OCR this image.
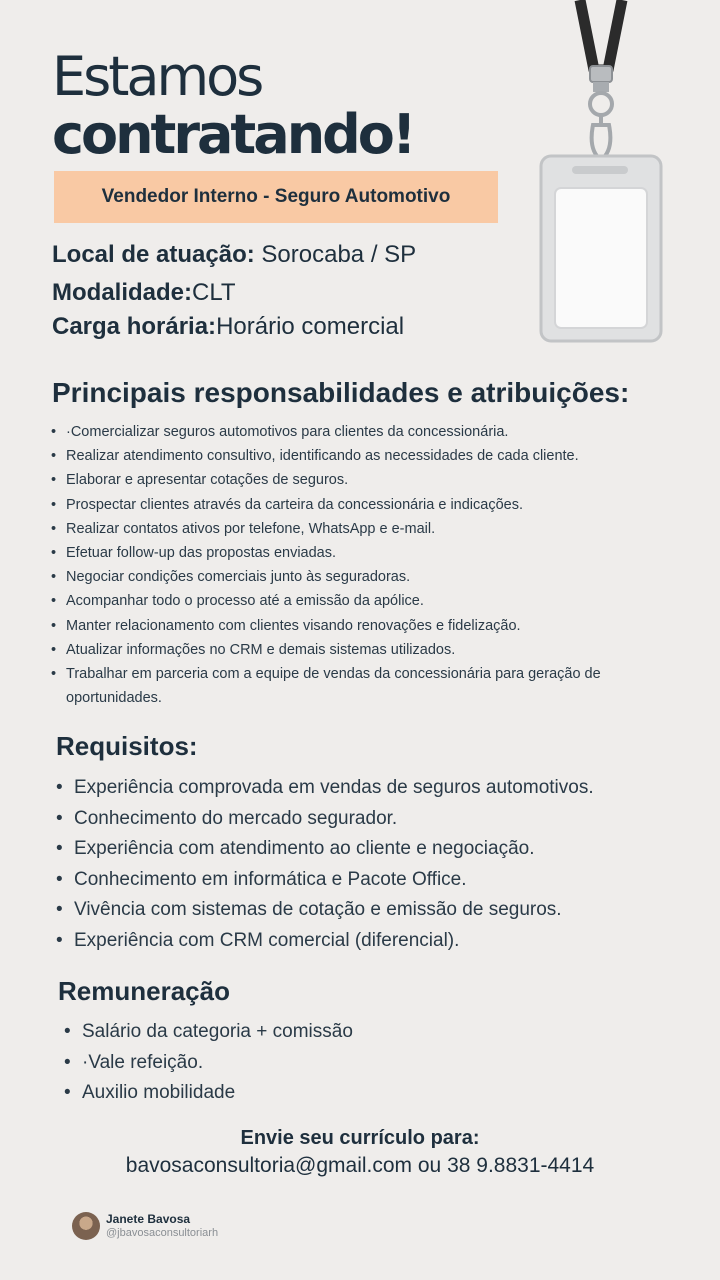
Estamos
contratando!
Vendedor Interno - Seguro Automotivo
Local de atuação: Sorocaba / SP
Modalidade:CLT
Carga horária:Horário comercial
Principais responsabilidades e atribuições:
• ·Comercializar seguros automotivos para clientes da concessionária.
• Realizar atendimento consultivo, identificando as necessidades de cada cliente.
• Elaborar e apresentar cotações de seguros.
• Prospectar clientes através da carteira da concessionária e indicações.
• Realizar contatos ativos por telefone, WhatsApp e e-mail.
• Efetuar follow-up das propostas enviadas.
• Negociar condições comerciais junto às seguradoras.
• Acompanhar todo o processo até a emissão da apólice.
• Manter relacionamento com clientes visando renovações e fidelização.
• Atualizar informações no CRM e demais sistemas utilizados.
• Trabalhar em parceria com a equipe de vendas da concessionária para geração de oportunidades.
Requisitos:
• Experiência comprovada em vendas de seguros automotivos.
• Conhecimento do mercado segurador.
• Experiência com atendimento ao cliente e negociação.
• Conhecimento em informática e Pacote Office.
• Vivência com sistemas de cotação e emissão de seguros.
• Experiência com CRM comercial (diferencial).
Remuneração
• Salário da categoria + comissão
• ·Vale refeição.
• Auxilio mobilidade
Envie seu currículo para:
bavosaconsultoria@gmail.com ou 38 9.8831-4414
Janete Bavosa
@jbavosaconsultoriarh
